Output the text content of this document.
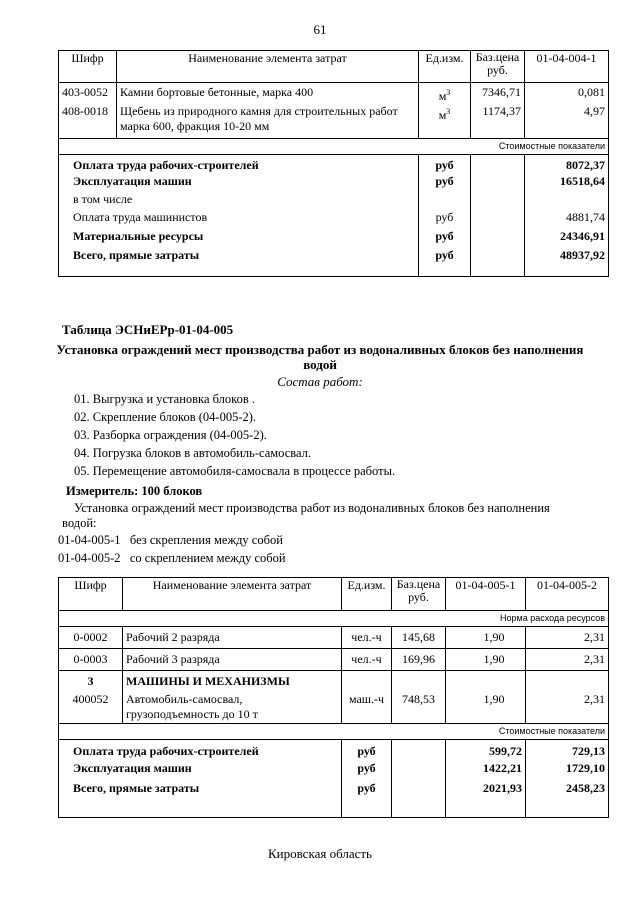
61
Шифр	Наименование элемента затрат	Ед.изм.	Баз.цена руб.	01-04-004-1
403-0052	Камни бортовые бетонные, марка 400	$м^3$	7346,71	0,081
408-0018	Щебень из природного камня для строительных работ
марка 600, фракция 10-20 мм	$м^3$	1174,37	4,97
Стоимостные показатели				
Оплата труда рабочих-строителей		руб		8072,37
Эксплуатация машин		руб		16518,64
в том числе				
Оплата труда машинистов		руб		4881,74
Материальные ресурсы		руб		24346,91
Всего, прямые затраты		руб		48937,92
Таблица ЭСНиЕРр-01-04-005
Установка ограждений мест производства работ из водоналивных блоков без наполнения
водой
Состав работ:
01. Выгрузка и установка блоков .
02. Скрепление блоков (04-005-2).
03. Разборка ограждения (04-005-2).
04. Погрузка блоков в автомобиль-самосвал.
05. Перемещение автомобиля-самосвала в процессе работы.
Измеритель: 100 блоков
Установка ограждений мест производства работ из водоналивных блоков без наполнения
водой:
01-04-005-1 без скрепления между собой
01-04-005-2 со скреплением между собой
Шифр	Наименование элемента затрат	Ед.изм.	Баз.цена руб.	01-04-005-1	01-04-005-2
Норма расхода ресурсов					
0-0002	Рабочий 2 разряда	чел.-ч	145,68	1,90	2,31
0-0003	Рабочий 3 разряда	чел.-ч	169,96	1,90	2,31
3	МАШИНЫ И МЕХАНИЗМЫ				
400052	Автомобиль-самосвал,
грузоподъемность до 10 т	маш.-ч	748,53	1,90	2,31
Стоимостные показатели					
Оплата труда рабочих-строителей		руб		599,72	729,13
Эксплуатация машин		руб		1422,21	1729,10
Всего, прямые затраты		руб		2021,93	2458,23
Кировская область
